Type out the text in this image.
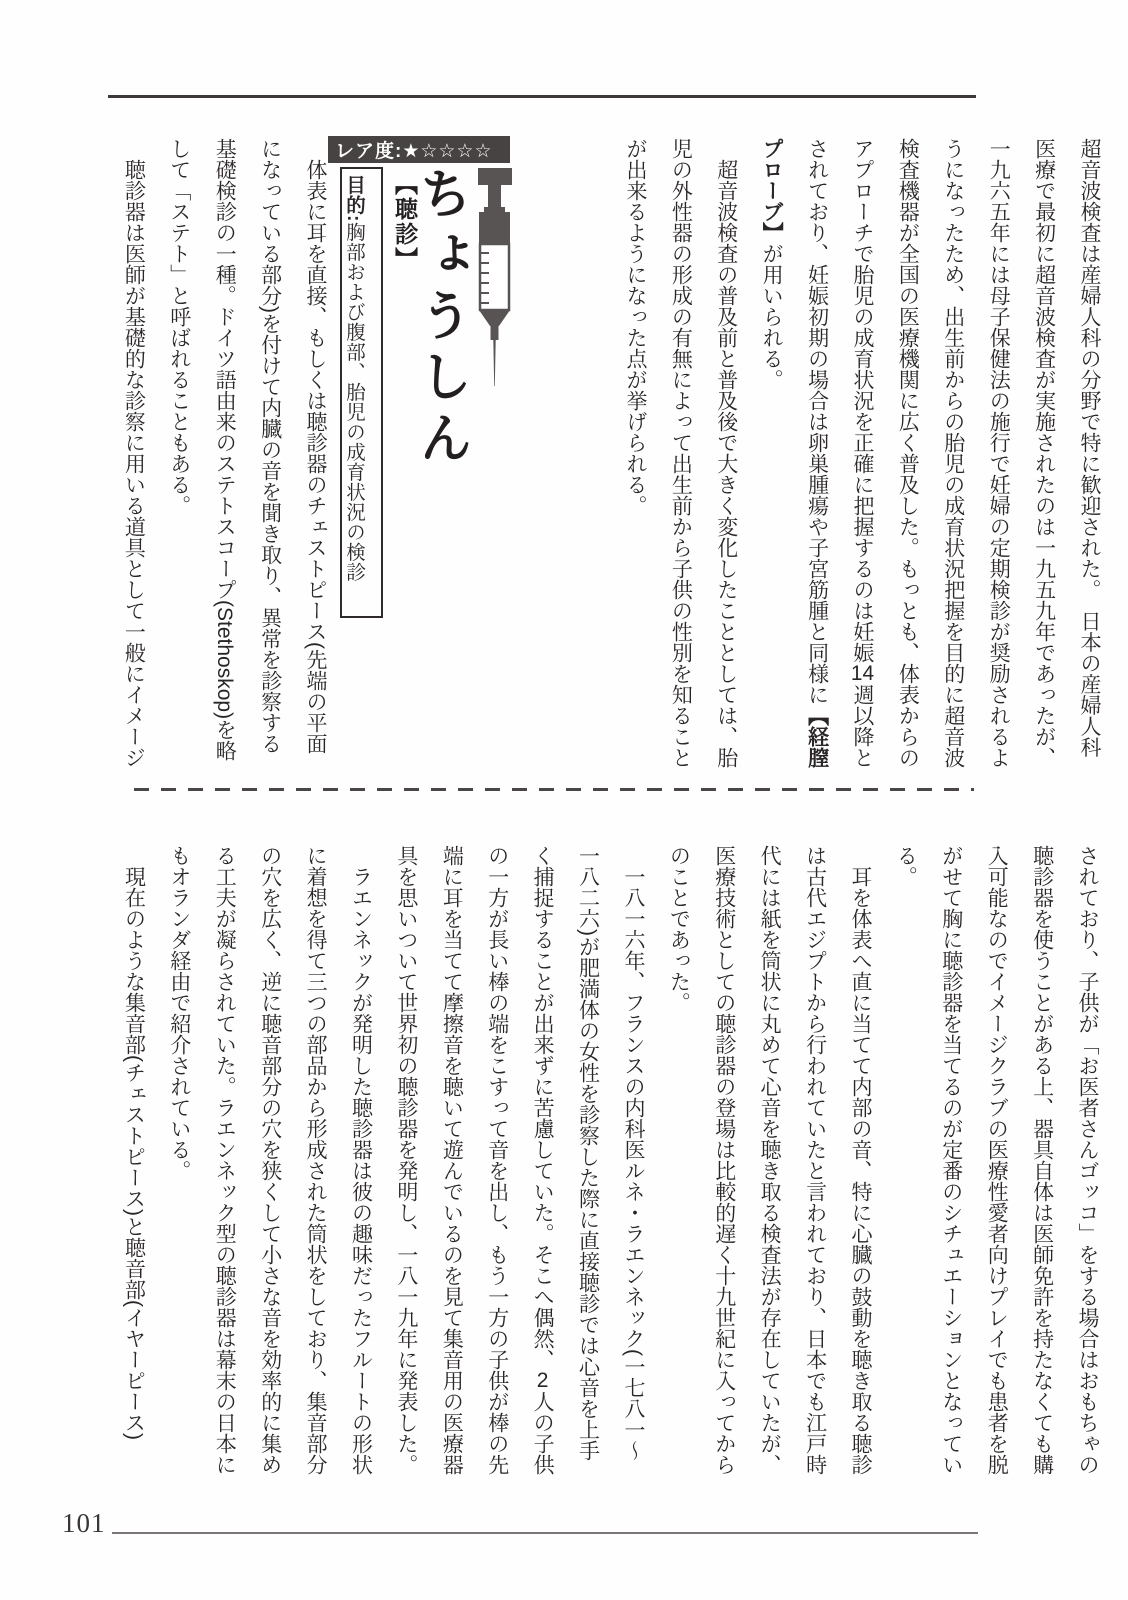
超音波検査は産婦人科の分野で特に歓迎された。　日本の産婦人科医療で最初に超音波検査が実施されたのは一九五九年であったが、一九六五年には母子保健法の施行で妊婦の定期検診が奨励されるようになったため、出生前からの胎児の成育状況把握を目的に超音波検査機器が全国の医療機関に広く普及した。もっとも、体表からのアプローチで胎児の成育状況を正確に把握するのは妊娠14週以降とされており、妊娠初期の場合は卵巣腫瘍や子宮筋腫と同様に【経膣プローブ】が用いられる。

超音波検査の普及前と普及後で大きく変化したこととしては、胎児の外性器の形成の有無によって出生前から子供の性別を知ることが出来るようになった点が挙げられる。

レア度:★☆☆☆☆
ちょうしん
【聴診】
目的:胸部および腹部、胎児の成育状況の検診

体表に耳を直接、もしくは聴診器のチェストピース(先端の平面になっている部分)を付けて内臓の音を聞き取り、異常を診察する基礎検診の一種。ドイツ語由来のステトスコープ(Stethoskop)を略して「ステト」と呼ばれることもある。

聴診器は医師が基礎的な診察に用いる道具として一般にイメージ

されており、子供が「お医者さんゴッコ」をする場合はおもちゃの聴診器を使うことがある上、器具自体は医師免許を持たなくても購入可能なのでイメージクラブの医療性愛者向けプレイでも患者を脱がせて胸に聴診器を当てるのが定番のシチュエーションとなっている。

耳を体表へ直に当てて内部の音、特に心臓の鼓動を聴き取る聴診は古代エジプトから行われていたと言われており、日本でも江戸時代には紙を筒状に丸めて心音を聴き取る検査法が存在していたが、医療技術としての聴診器の登場は比較的遅く十九世紀に入ってからのことであった。

一八一六年、フランスの内科医ルネ・ラエンネック(一七八一〜一八二六)が肥満体の女性を診察した際に直接聴診では心音を上手く捕捉することが出来ずに苦慮していた。そこへ偶然、2人の子供の一方が長い棒の端をこすって音を出し、もう一方の子供が棒の先端に耳を当てて摩擦音を聴いて遊んでいるのを見て集音用の医療器具を思いついて世界初の聴診器を発明し、一八一九年に発表した。

ラエンネックが発明した聴診器は彼の趣味だったフルートの形状に着想を得て三つの部品から形成された筒状をしており、集音部分の穴を広く、逆に聴音部分の穴を狭くして小さな音を効率的に集める工夫が凝らされていた。ラエンネック型の聴診器は幕末の日本にもオランダ経由で紹介されている。

現在のような集音部(チェストピース)と聴音部(イヤーピース)

101
